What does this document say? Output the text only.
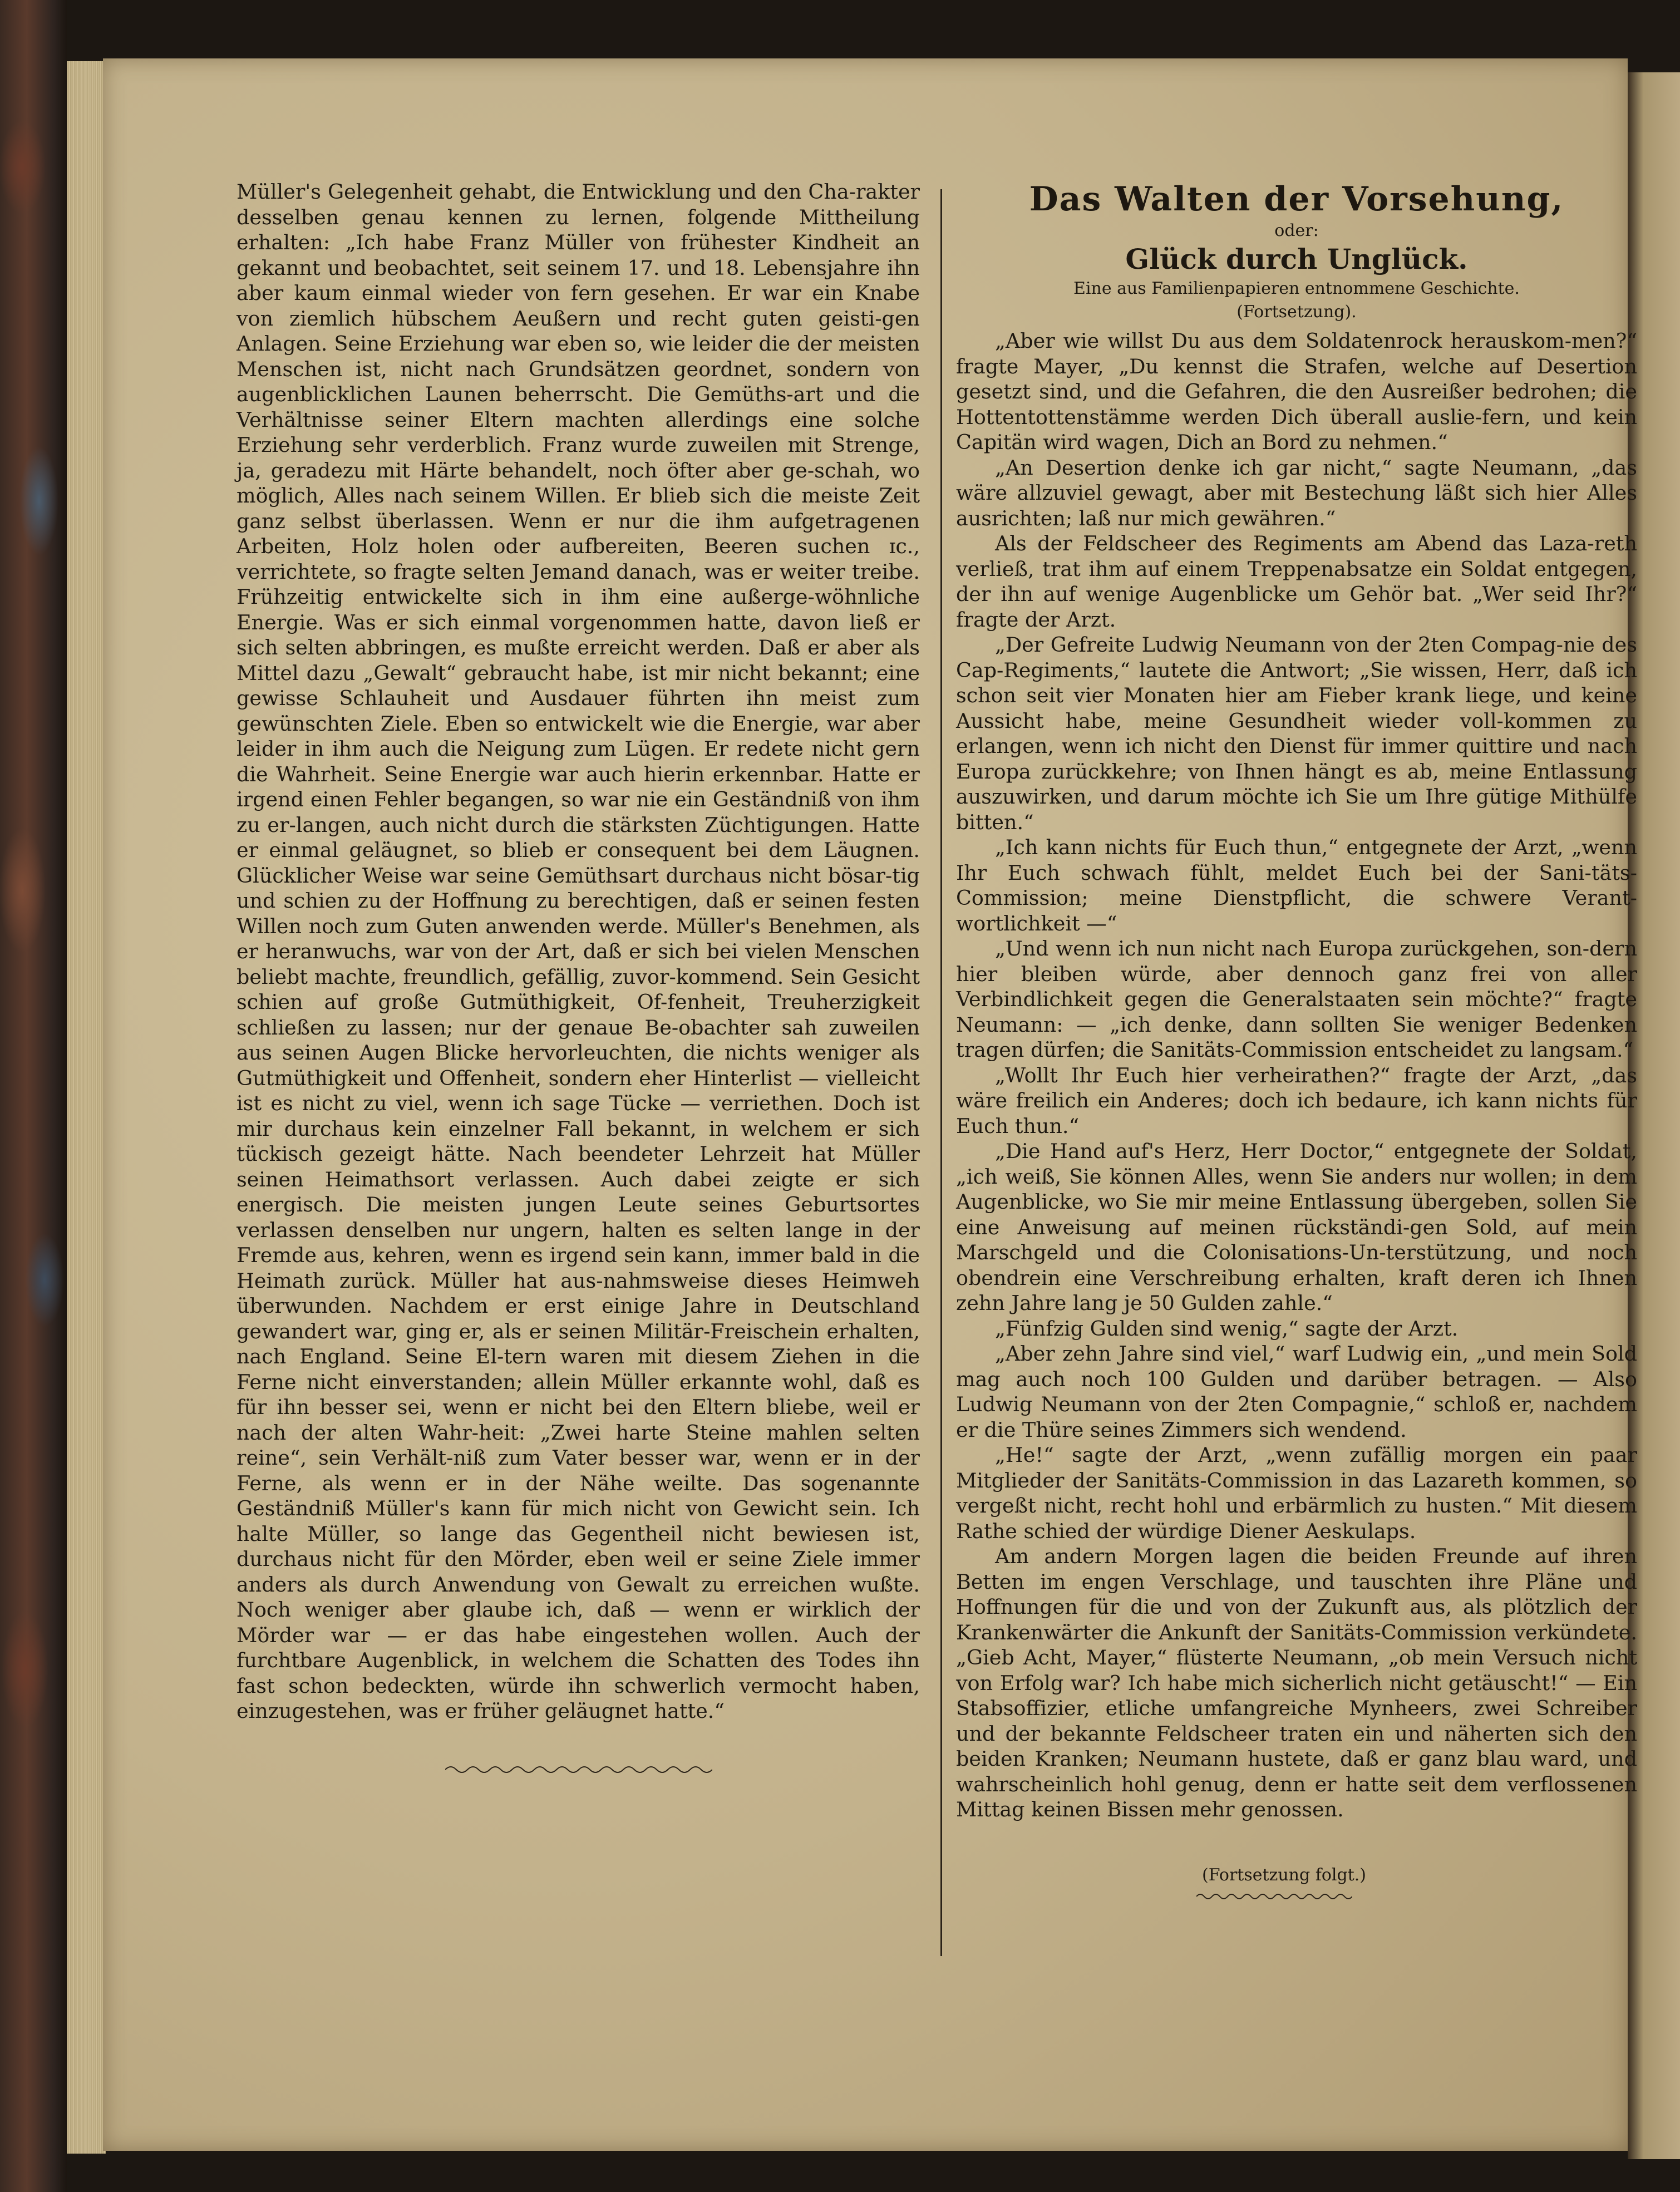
Müller's Gelegenheit gehabt, die Entwicklung und den Cha-rakter desselben genau kennen zu lernen, folgende Mittheilung erhalten: „Ich habe Franz Müller von frühester Kindheit an gekannt und beobachtet, seit seinem 17. und 18. Lebensjahre ihn aber kaum einmal wieder von fern gesehen. Er war ein Knabe von ziemlich hübschem Aeußern und recht guten geisti-gen Anlagen. Seine Erziehung war eben so, wie leider die der meisten Menschen ist, nicht nach Grundsätzen geordnet, sondern von augenblicklichen Launen beherrscht. Die Gemüths-art und die Verhältnisse seiner Eltern machten allerdings eine solche Erziehung sehr verderblich. Franz wurde zuweilen mit Strenge, ja, geradezu mit Härte behandelt, noch öfter aber ge-schah, wo möglich, Alles nach seinem Willen. Er blieb sich die meiste Zeit ganz selbst überlassen. Wenn er nur die ihm aufgetragenen Arbeiten, Holz holen oder aufbereiten, Beeren suchen ɪc., verrichtete, so fragte selten Jemand danach, was er weiter treibe. Frühzeitig entwickelte sich in ihm eine außerge-wöhnliche Energie. Was er sich einmal vorgenommen hatte, davon ließ er sich selten abbringen, es mußte erreicht werden. Daß er aber als Mittel dazu „Gewalt“ gebraucht habe, ist mir nicht bekannt; eine gewisse Schlauheit und Ausdauer führten ihn meist zum gewünschten Ziele. Eben so entwickelt wie die Energie, war aber leider in ihm auch die Neigung zum Lügen. Er redete nicht gern die Wahrheit. Seine Energie war auch hierin erkennbar. Hatte er irgend einen Fehler begangen, so war nie ein Geständniß von ihm zu er-langen, auch nicht durch die stärksten Züchtigungen. Hatte er einmal geläugnet, so blieb er consequent bei dem Läugnen. Glücklicher Weise war seine Gemüthsart durchaus nicht bösar-tig und schien zu der Hoffnung zu berechtigen, daß er seinen festen Willen noch zum Guten anwenden werde. Müller's Benehmen, als er heranwuchs, war von der Art, daß er sich bei vielen Menschen beliebt machte, freundlich, gefällig, zuvor-kommend. Sein Gesicht schien auf große Gutmüthigkeit, Of-fenheit, Treuherzigkeit schließen zu lassen; nur der genaue Be-obachter sah zuweilen aus seinen Augen Blicke hervorleuchten, die nichts weniger als Gutmüthigkeit und Offenheit, sondern eher Hinterlist — vielleicht ist es nicht zu viel, wenn ich sage Tücke — verriethen. Doch ist mir durchaus kein einzelner Fall bekannt, in welchem er sich tückisch gezeigt hätte. Nach beendeter Lehrzeit hat Müller seinen Heimathsort verlassen. Auch dabei zeigte er sich energisch. Die meisten jungen Leute seines Geburtsortes verlassen denselben nur ungern, halten es selten lange in der Fremde aus, kehren, wenn es irgend sein kann, immer bald in die Heimath zurück. Müller hat aus-nahmsweise dieses Heimweh überwunden. Nachdem er erst einige Jahre in Deutschland gewandert war, ging er, als er seinen Militär-Freischein erhalten, nach England. Seine El-tern waren mit diesem Ziehen in die Ferne nicht einverstanden; allein Müller erkannte wohl, daß es für ihn besser sei, wenn er nicht bei den Eltern bliebe, weil er nach der alten Wahr-heit: „Zwei harte Steine mahlen selten reine“, sein Verhält-niß zum Vater besser war, wenn er in der Ferne, als wenn er in der Nähe weilte. Das sogenannte Geständniß Müller's kann für mich nicht von Gewicht sein. Ich halte Müller, so lange das Gegentheil nicht bewiesen ist, durchaus nicht für den Mörder, eben weil er seine Ziele immer anders als durch Anwendung von Gewalt zu erreichen wußte. Noch weniger aber glaube ich, daß — wenn er wirklich der Mörder war — er das habe eingestehen wollen. Auch der furchtbare Augenblick, in welchem die Schatten des Todes ihn fast schon bedeckten, würde ihn schwerlich vermocht haben, einzugestehen, was er früher geläugnet hatte.“

Das Walten der Vorsehung,
oder:
Glück durch Unglück.
Eine aus Familienpapieren entnommene Geschichte.
(Fortsetzung).

„Aber wie willst Du aus dem Soldatenrock herauskom-men?“ fragte Mayer, „Du kennst die Strafen, welche auf Desertion gesetzt sind, und die Gefahren, die den Ausreißer bedrohen; die Hottentottenstämme werden Dich überall auslie-fern, und kein Capitän wird wagen, Dich an Bord zu nehmen.“

„An Desertion denke ich gar nicht,“ sagte Neumann, „das wäre allzuviel gewagt, aber mit Bestechung läßt sich hier Alles ausrichten; laß nur mich gewähren.“

Als der Feldscheer des Regiments am Abend das Laza-reth verließ, trat ihm auf einem Treppenabsatze ein Soldat entgegen, der ihn auf wenige Augenblicke um Gehör bat. „Wer seid Ihr?“ fragte der Arzt.

„Der Gefreite Ludwig Neumann von der 2ten Compag-nie des Cap-Regiments,“ lautete die Antwort; „Sie wissen, Herr, daß ich schon seit vier Monaten hier am Fieber krank liege, und keine Aussicht habe, meine Gesundheit wieder voll-kommen zu erlangen, wenn ich nicht den Dienst für immer quittire und nach Europa zurückkehre; von Ihnen hängt es ab, meine Entlassung auszuwirken, und darum möchte ich Sie um Ihre gütige Mithülfe bitten.“

„Ich kann nichts für Euch thun,“ entgegnete der Arzt, „wenn Ihr Euch schwach fühlt, meldet Euch bei der Sani-täts-Commission; meine Dienstpflicht, die schwere Verant-wortlichkeit —“

„Und wenn ich nun nicht nach Europa zurückgehen, son-dern hier bleiben würde, aber dennoch ganz frei von aller Verbindlichkeit gegen die Generalstaaten sein möchte?“ fragte Neumann: — „ich denke, dann sollten Sie weniger Bedenken tragen dürfen; die Sanitäts-Commission entscheidet zu langsam.“

„Wollt Ihr Euch hier verheirathen?“ fragte der Arzt, „das wäre freilich ein Anderes; doch ich bedaure, ich kann nichts für Euch thun.“

„Die Hand auf's Herz, Herr Doctor,“ entgegnete der Soldat, „ich weiß, Sie können Alles, wenn Sie anders nur wollen; in dem Augenblicke, wo Sie mir meine Entlassung übergeben, sollen Sie eine Anweisung auf meinen rückständi-gen Sold, auf mein Marschgeld und die Colonisations-Un-terstützung, und noch obendrein eine Verschreibung erhalten, kraft deren ich Ihnen zehn Jahre lang je 50 Gulden zahle.“

„Fünfzig Gulden sind wenig,“ sagte der Arzt.

„Aber zehn Jahre sind viel,“ warf Ludwig ein, „und mein Sold mag auch noch 100 Gulden und darüber betragen. — Also Ludwig Neumann von der 2ten Compagnie,“ schloß er, nachdem er die Thüre seines Zimmers sich wendend.

„He!“ sagte der Arzt, „wenn zufällig morgen ein paar Mitglieder der Sanitäts-Commission in das Lazareth kommen, so vergeßt nicht, recht hohl und erbärmlich zu husten.“ Mit diesem Rathe schied der würdige Diener Aeskulaps.

Am andern Morgen lagen die beiden Freunde auf ihren Betten im engen Verschlage, und tauschten ihre Pläne und Hoffnungen für die und von der Zukunft aus, als plötzlich der Krankenwärter die Ankunft der Sanitäts-Commission verkündete. „Gieb Acht, Mayer,“ flüsterte Neumann, „ob mein Versuch nicht von Erfolg war? Ich habe mich sicherlich nicht getäuscht!“ — Ein Stabsoffizier, etliche umfangreiche Mynheers, zwei Schreiber und der bekannte Feldscheer traten ein und näherten sich den beiden Kranken; Neumann hustete, daß er ganz blau ward, und wahrscheinlich hohl genug, denn er hatte seit dem verflossenen Mittag keinen Bissen mehr genossen.

(Fortsetzung folgt.)
